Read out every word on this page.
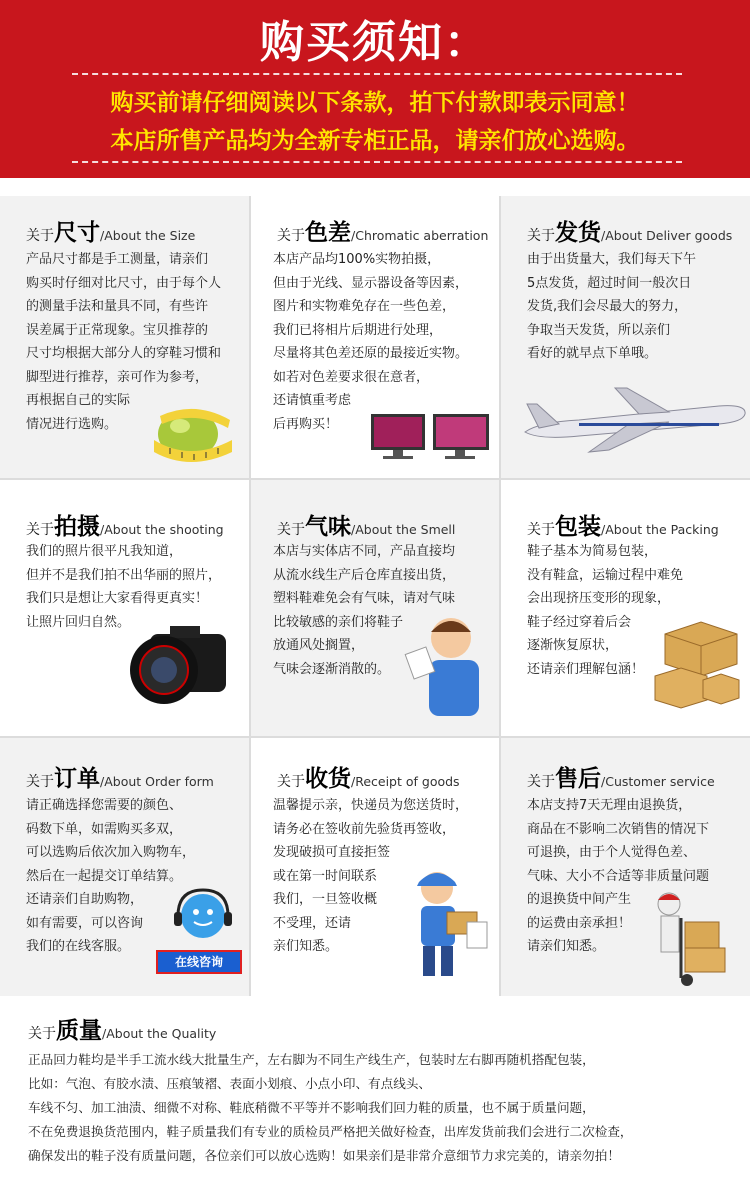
购买须知：
购买前请仔细阅读以下条款，拍下付款即表示同意！
本店所售产品均为全新专柜正品，请亲们放心选购。
关于尺寸/About the Size
产品尺寸都是手工测量，请亲们
购买时仔细对比尺寸，由于每个人
的测量手法和量具不同，有些许
误差属于正常现象。宝贝推荐的
尺寸均根据大部分人的穿鞋习惯和
脚型进行推荐，亲可作为参考，
再根据自己的实际
情况进行选购。
关于色差/Chromatic aberration
本店产品均100%实物拍摄，
但由于光线、显示器设备等因素，
图片和实物难免存在一些色差，
我们已将相片后期进行处理，
尽量将其色差还原的最接近实物。
如若对色差要求很在意者，
还请慎重考虑
后再购买！
关于发货/About Deliver goods
由于出货量大，我们每天下午
5点发货，超过时间一般次日
发货,我们会尽最大的努力，
争取当天发货，所以亲们
看好的就早点下单哦。
关于拍摄/About the shooting
我们的照片很平凡我知道，
但并不是我们拍不出华丽的照片，
我们只是想让大家看得更真实！
让照片回归自然。
关于气味/About the Smell
本店与实体店不同，产品直接均
从流水线生产后仓库直接出货，
塑料鞋难免会有气味，请对气味
比较敏感的亲们将鞋子
放通风处搁置，
气味会逐渐消散的。
关于包装/About the Packing
鞋子基本为简易包装，
没有鞋盒，运输过程中难免
会出现挤压变形的现象，
鞋子经过穿着后会
逐渐恢复原状，
还请亲们理解包涵！
关于订单/About Order form
请正确选择您需要的颜色、
码数下单，如需购买多双，
可以选购后依次加入购物车，
然后在一起提交订单结算。
还请亲们自助购物，
如有需要，可以咨询
我们的在线客服。
在线咨询
关于收货/Receipt of goods
温馨提示亲，快递员为您送货时，
请务必在签收前先验货再签收，
发现破损可直接拒签
或在第一时间联系
我们，一旦签收概
不受理，还请
亲们知悉。
关于售后/Customer service
本店支持7天无理由退换货，
商品在不影响二次销售的情况下
可退换，由于个人觉得色差、
气味、大小不合适等非质量问题
的退换货中间产生
的运费由亲承担！
请亲们知悉。
关于质量/About the Quality
正品回力鞋均是半手工流水线大批量生产，左右脚为不同生产线生产，包装时左右脚再随机搭配包装，
比如：气泡、有胶水渍、压痕皱褶、表面小划痕、小点小印、有点线头、
车线不匀、加工油渍、细微不对称、鞋底稍微不平等并不影响我们回力鞋的质量，也不属于质量问题，
不在免费退换货范围内，鞋子质量我们有专业的质检员严格把关做好检查，出库发货前我们会进行二次检查，
确保发出的鞋子没有质量问题，各位亲们可以放心选购！如果亲们是非常介意细节力求完美的，请亲勿拍！
